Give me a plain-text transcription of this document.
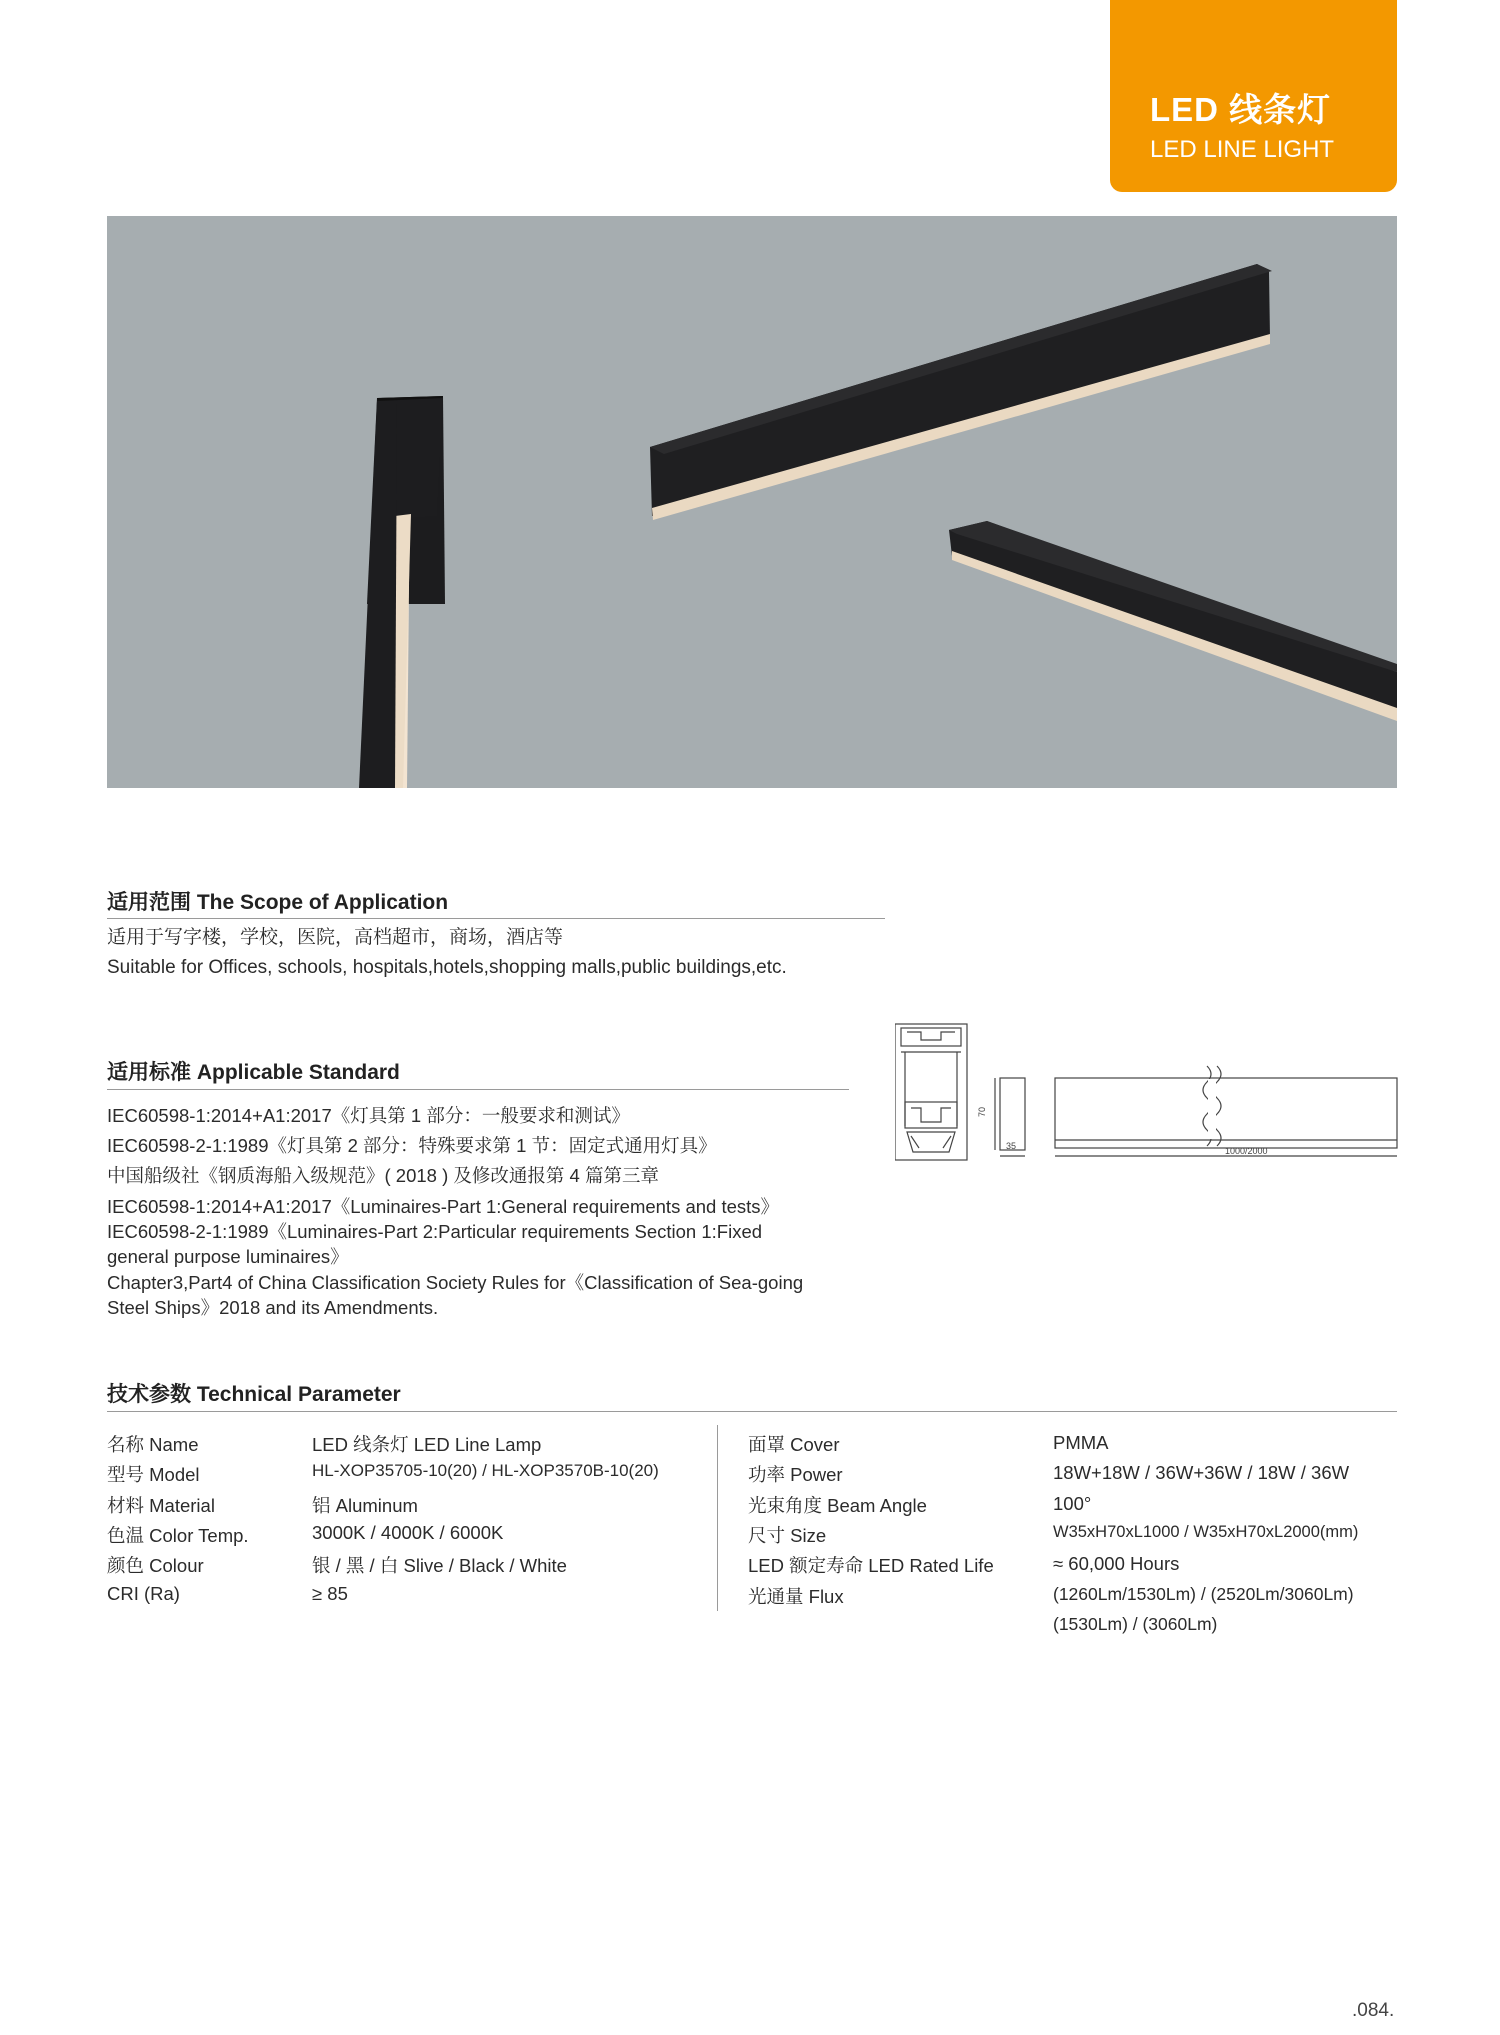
LED 线条灯
LED LINE LIGHT
适用范围 The Scope of Application
适用于写字楼，学校，医院，高档超市，商场，酒店等
Suitable for Offices, schools, hospitals,hotels,shopping malls,public buildings,etc.
适用标准 Applicable Standard
IEC60598-1:2014+A1:2017《灯具第 1 部分：一般要求和测试》
IEC60598-2-1:1989《灯具第 2 部分：特殊要求第 1 节：固定式通用灯具》
中国船级社《钢质海船入级规范》( 2018 ) 及修改通报第 4 篇第三章
IEC60598-1:2014+A1:2017《Luminaires-Part 1:General requirements and tests》
IEC60598-2-1:1989《Luminaires-Part 2:Particular requirements Section 1:Fixed
general purpose luminaires》
Chapter3,Part4 of China Classification Society Rules for《Classification of Sea-going
Steel Ships》2018 and its Amendments.
70
35	1000/2000
技术参数 Technical Parameter
名称 Name	LED 线条灯 LED Line Lamp
型号 Model	HL-XOP35705-10(20) / HL-XOP3570B-10(20)
材料 Material	铝 Aluminum
色温 Color Temp.	3000K / 4000K / 6000K
颜色 Colour	银 / 黑 / 白 Slive / Black / White
CRI (Ra)	≥ 85
面罩 Cover	PMMA
功率 Power	18W+18W / 36W+36W / 18W / 36W
光束角度 Beam Angle	100°
尺寸 Size	W35xH70xL1000 / W35xH70xL2000(mm)
LED 额定寿命 LED Rated Life	≈ 60,000 Hours
光通量 Flux	(1260Lm/1530Lm) / (2520Lm/3060Lm)
(1530Lm) / (3060Lm)
.084.
